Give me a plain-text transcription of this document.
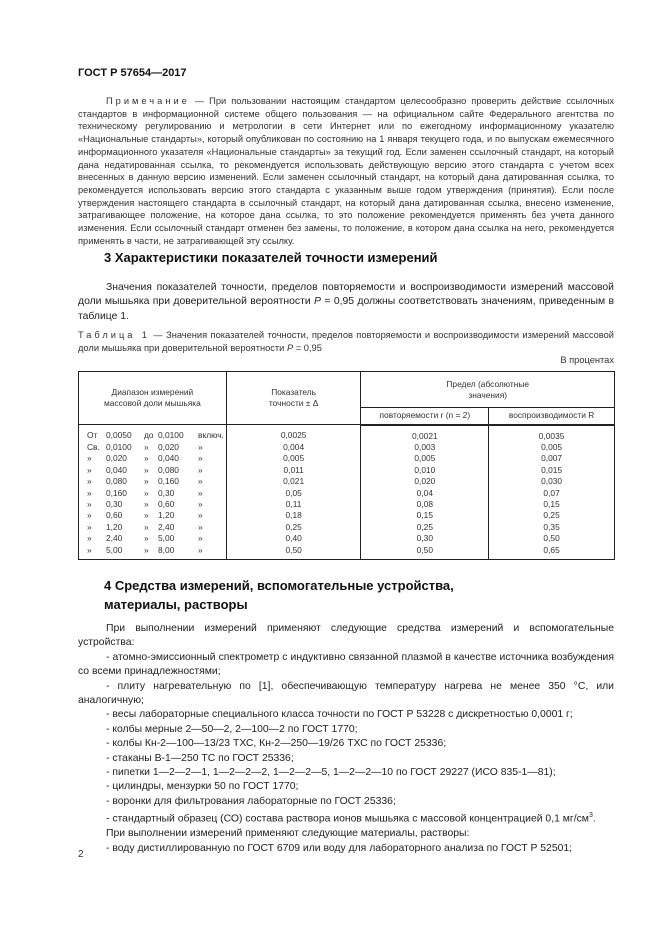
ГОСТ Р 57654—2017

Примечание — При пользовании настоящим стандартом целесообразно проверить действие ссылочных стандартов в информационной системе общего пользования — на официальном сайте Федерального агентства по техническому регулированию и метрологии в сети Интернет или по ежегодному информационному указателю «Национальные стандарты», который опубликован по состоянию на 1 января текущего года, и по выпускам ежемесячного информационного указателя «Национальные стандарты» за текущий год. Если заменен ссылочный стандарт, на который дана недатированная ссылка, то рекомендуется использовать действующую версию этого стандарта с учетом всех внесенных в данную версию изменений. Если заменен ссылочный стандарт, на который дана датированная ссылка, то рекомендуется использовать версию этого стандарта с указанным выше годом утверждения (принятия). Если после утверждения настоящего стандарта в ссылочный стандарт, на который дана датированная ссылка, внесено изменение, затрагивающее положение, на которое дана ссылка, то это положение рекомендуется применять без учета данного изменения. Если ссылочный стандарт отменен без замены, то положение, в котором дана ссылка на него, рекомендуется применять в части, не затрагивающей эту ссылку.

3 Характеристики показателей точности измерений

Значения показателей точности, пределов повторяемости и воспроизводимости измерений массовой доли мышьяка при доверительной вероятности P = 0,95 должны соответствовать значениям, приведенным в таблице 1.

Таблица 1 — Значения показателей точности, пределов повторяемости и воспроизводимости измерений массовой доли мышьяка при доверительной вероятности P = 0,95
В процентах
Диапазон измерений массовой доли мышьяка	Показатель точности ± Δ	Предел (абсолютные значения)	

		повторяемости r (n = 2)	воспроизводимости R
От 0,0050 до 0,0100 включ.	0,0025	0,0021	0,0035
Св. 0,0100 » 0,020 »	0,004	0,003	0,005
» 0,020 » 0,040 »	0,005	0,005	0,007
» 0,040 » 0,080 »	0,011	0,010	0,015
» 0,080 » 0,160 »	0,021	0,020	0,030
» 0,160 » 0,30 »	0,05	0,04	0,07
» 0,30 » 0,60 »	0,11	0,08	0,15
» 0,60 » 1,20 »	0,18	0,15	0,25
» 1,20 » 2,40 »	0,25	0,25	0,35
» 2,40 » 5,00 »	0,40	0,30	0,50
» 5,00 » 8,00 »	0,50	0,50	0,65
4 Средства измерений, вспомогательные устройства,
материалы, растворы

При выполнении измерений применяют следующие средства измерений и вспомогательные устройства:

- атомно-эмиссионный спектрометр с индуктивно связанной плазмой в качестве источника возбуждения со всеми принадлежностями;

- плиту нагревательную по [1], обеспечивающую температуру нагрева не менее 350 °С, или аналогичную;

- весы лабораторные специального класса точности по ГОСТ Р 53228 с дискретностью 0,0001 г;

- колбы мерные 2—50—2, 2—100—2 по ГОСТ 1770;

- колбы Кн-2—100—13/23 ТХС, Кн-2—250—19/26 ТХС по ГОСТ 25336;

- стаканы В-1—250 ТС по ГОСТ 25336;

- пипетки 1—2—2—1, 1—2—2—2, 1—2—2—5, 1—2—2—10 по ГОСТ 29227 (ИСО 835-1—81);

- цилиндры, мензурки 50 по ГОСТ 1770;

- воронки для фильтрования лабораторные по ГОСТ 25336;

- стандартный образец (СО) состава раствора ионов мышьяка с массовой концентрацией 0,1 $мг/см^3$.

При выполнении измерений применяют следующие материалы, растворы:

- воду дистиллированную по ГОСТ 6709 или воду для лабораторного анализа по ГОСТ Р 52501;

2
